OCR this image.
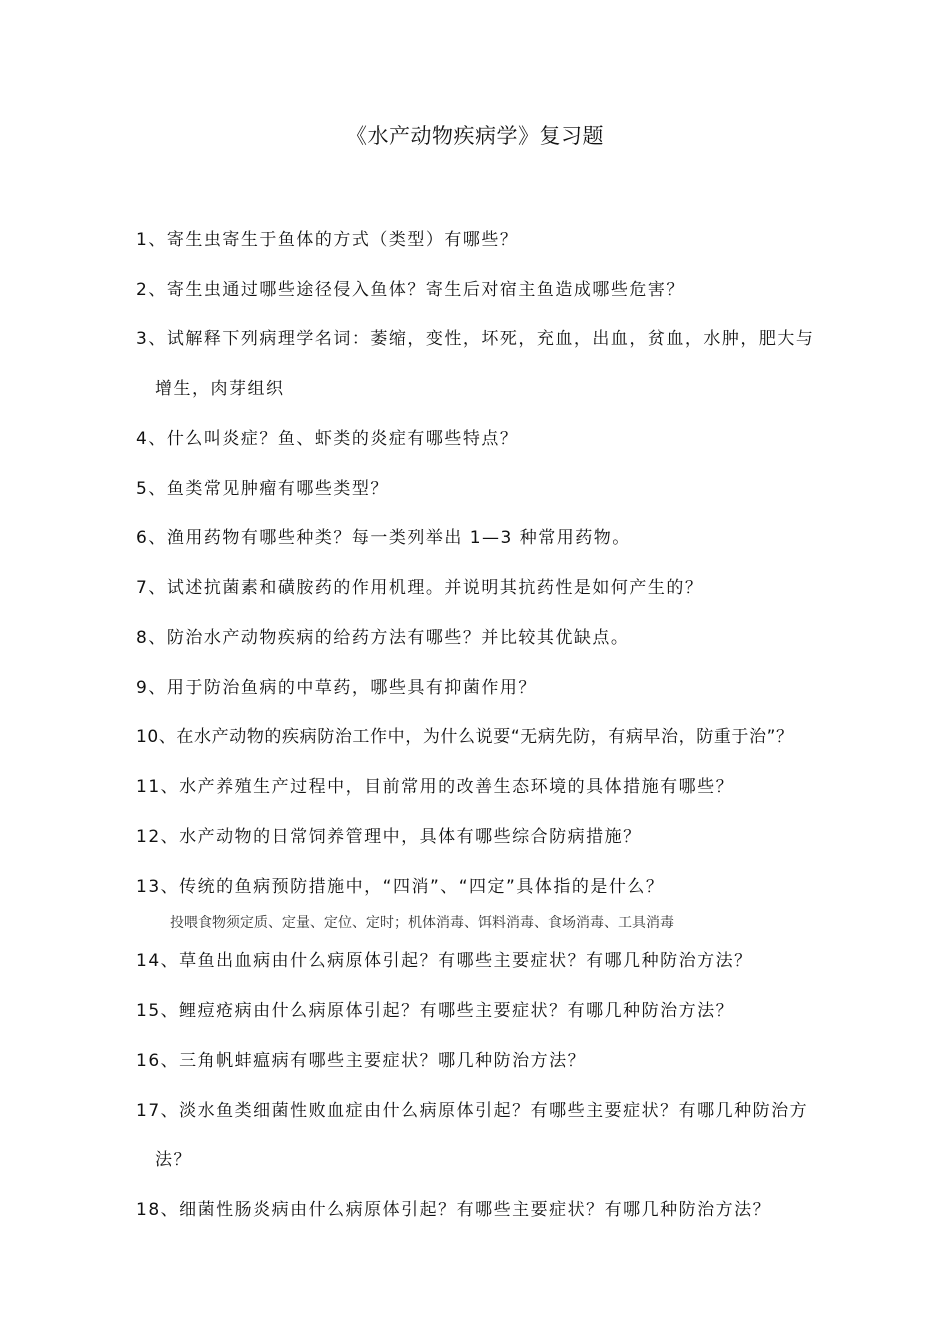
《水产动物疾病学》复习题
1、寄生虫寄生于鱼体的方式（类型）有哪些？
2、寄生虫通过哪些途径侵入鱼体？寄生后对宿主鱼造成哪些危害？
3、试解释下列病理学名词：萎缩，变性，坏死，充血，出血，贫血，水肿，肥大与
增生，肉芽组织
4、什么叫炎症？鱼、虾类的炎症有哪些特点？
5、鱼类常见肿瘤有哪些类型？
6、渔用药物有哪些种类？每一类列举出 1—3 种常用药物。
7、试述抗菌素和磺胺药的作用机理。并说明其抗药性是如何产生的？
8、防治水产动物疾病的给药方法有哪些？并比较其优缺点。
9、用于防治鱼病的中草药，哪些具有抑菌作用？
10、在水产动物的疾病防治工作中，为什么说要“无病先防，有病早治，防重于治”？
11、水产养殖生产过程中，目前常用的改善生态环境的具体措施有哪些？
12、水产动物的日常饲养管理中，具体有哪些综合防病措施？
13、传统的鱼病预防措施中，“四消”、“四定”具体指的是什么？
投喂食物须定质、定量、定位、定时；机体消毒、饵料消毒、食场消毒、工具消毒
14、草鱼出血病由什么病原体引起？有哪些主要症状？有哪几种防治方法？
15、鲤痘疮病由什么病原体引起？有哪些主要症状？有哪几种防治方法？
16、三角帆蚌瘟病有哪些主要症状？哪几种防治方法？
17、淡水鱼类细菌性败血症由什么病原体引起？有哪些主要症状？有哪几种防治方
法？
18、细菌性肠炎病由什么病原体引起？有哪些主要症状？有哪几种防治方法？
